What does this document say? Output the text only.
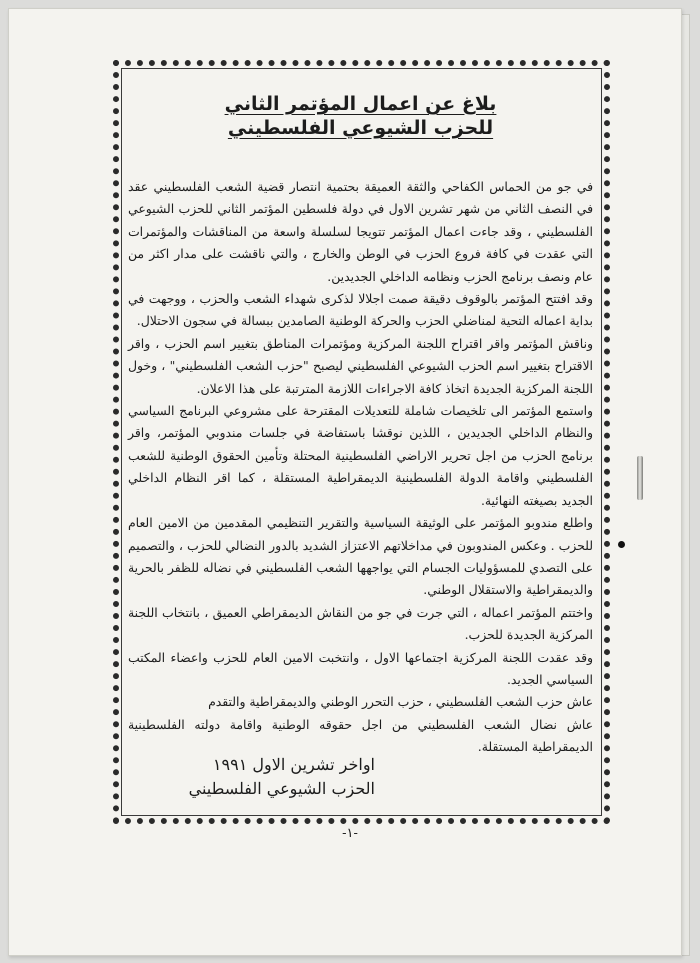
بلاغ عن اعمال المؤتمر الثاني
للحزب الشيوعي الفلسطيني

في جو من الحماس الكفاحي والثقة العميقة بحتمية انتصار قضية الشعب الفلسطيني عقد في النصف الثاني من شهر تشرين الاول في دولة فلسطين المؤتمر الثاني للحزب الشيوعي الفلسطيني ، وقد جاءت اعمال المؤتمر تتويجا لسلسلة واسعة من المناقشات والمؤتمرات التي عقدت في كافة فروع الحزب في الوطن والخارج ، والتي ناقشت على مدار اكثر من عام ونصف برنامج الحزب ونظامه الداخلي الجديدين.

وقد افتتح المؤتمر بالوقوف دقيقة صمت اجلالا لذكرى شهداء الشعب والحزب ، ووجهت في بداية اعماله التحية لمناضلي الحزب والحركة الوطنية الصامدين ببسالة في سجون الاحتلال.

وناقش المؤتمر واقر اقتراح اللجنة المركزية ومؤتمرات المناطق بتغيير اسم الحزب ، واقر الاقتراح بتغيير اسم الحزب الشيوعي الفلسطيني ليصبح "حزب الشعب الفلسطيني" ، وخول اللجنة المركزية الجديدة اتخاذ كافة الاجراءات اللازمة المترتبة على هذا الاعلان.

واستمع المؤتمر الى تلخيصات شاملة للتعديلات المقترحة على مشروعي البرنامج السياسي والنظام الداخلي الجديدين ، اللذين نوقشا باستفاضة في جلسات مندوبي المؤتمر، واقر برنامج الحزب من اجل تحرير الاراضي الفلسطينية المحتلة وتأمين الحقوق الوطنية للشعب الفلسطيني واقامة الدولة الفلسطينية الديمقراطية المستقلة ، كما اقر النظام الداخلي الجديد بصيغته النهائية.

واطلع مندوبو المؤتمر على الوثيقة السياسية والتقرير التنظيمي المقدمين من الامين العام للحزب . وعكس المندوبون في مداخلاتهم الاعتزاز الشديد بالدور النضالي للحزب ، والتصميم على التصدي للمسؤوليات الجسام التي يواجهها الشعب الفلسطيني في نضاله للظفر بالحرية والديمقراطية والاستقلال الوطني.

واختتم المؤتمر اعماله ، التي جرت في جو من النقاش الديمقراطي العميق ، بانتخاب اللجنة المركزية الجديدة للحزب.

وقد عقدت اللجنة المركزية اجتماعها الاول ، وانتخبت الامين العام للحزب واعضاء المكتب السياسي الجديد.

عاش حزب الشعب الفلسطيني ، حزب التحرر الوطني والديمقراطية والتقدم

عاش نضال الشعب الفلسطيني من اجل حقوقه الوطنية واقامة دولته الفلسطينية الديمقراطية المستقلة.

اواخر تشرين الاول ١٩٩١
الحزب الشيوعي الفلسطيني
-١-
